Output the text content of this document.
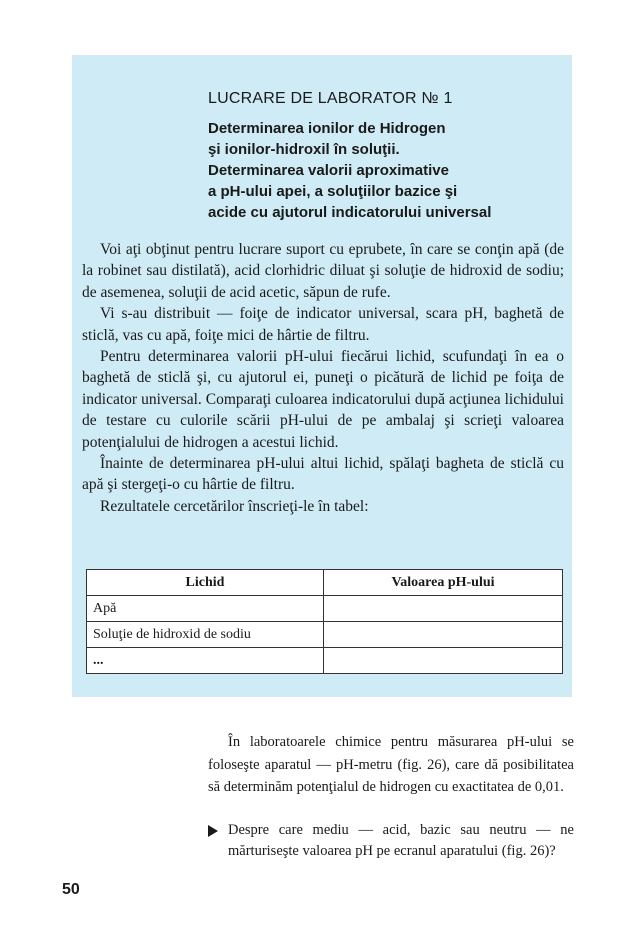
LUCRARE DE LABORATOR № 1
Determinarea ionilor de Hidrogen
şi ionilor-hidroxil în soluţii.
Determinarea valorii aproximative
a pH-ului apei, a soluţiilor bazice şi
acide cu ajutorul indicatorului universal

Voi aţi obţinut pentru lucrare suport cu eprubete, în care se conţin apă (de la robinet sau distilată), acid clorhidric diluat şi soluţie de hidroxid de sodiu; de asemenea, soluţii de acid acetic, săpun de rufe.

Vi s-au distribuit — foiţe de indicator universal, scara pH, baghetă de sticlă, vas cu apă, foiţe mici de hârtie de filtru.

Pentru determinarea valorii pH-ului fiecărui lichid, scufundaţi în ea o baghetă de sticlă şi, cu ajutorul ei, puneţi o picătură de lichid pe foiţa de indicator universal. Comparaţi culoarea indicatorului după acţiunea lichidului de testare cu culorile scării pH-ului de pe ambalaj şi scrieţi valoarea potenţialului de hidrogen a acestui lichid.

Înainte de determinarea pH-ului altui lichid, spălaţi bagheta de sticlă cu apă şi stergeţi-o cu hârtie de filtru.

Rezultatele cercetărilor înscrieţi-le în tabel:

Lichid	Valoarea pH-ului
Apă	
Soluţie de hidroxid de sodiu	
...	

În laboratoarele chimice pentru măsurarea pH-ului se foloseşte aparatul — pH-metru (fig. 26), care dă posibilitatea să determinăm potenţialul de hidrogen cu exactitatea de 0,01.

Despre care mediu — acid, bazic sau neutru — ne mărturiseşte valoarea pH pe ecranul aparatului (fig. 26)?
50
